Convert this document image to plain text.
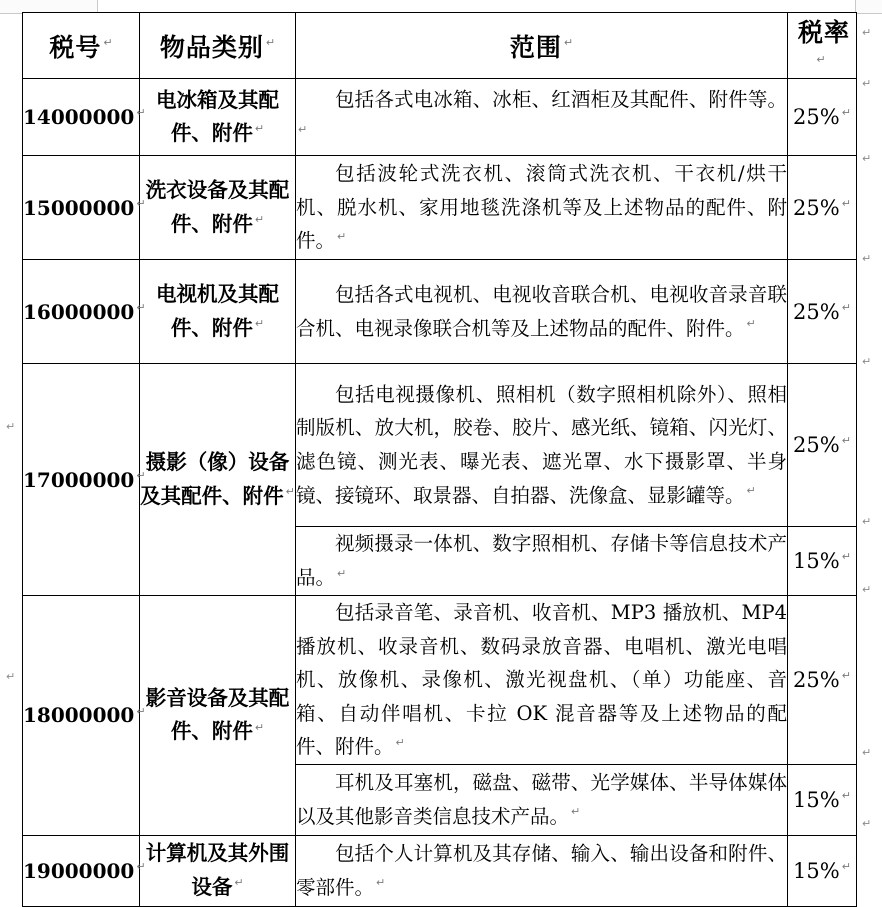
税号 ↵	物品类别 ↵	范围 ↵	税率↵
14000000 ↵	电冰箱及其配件、附件 ↵	包括各式电冰箱、冰柜、红酒柜及其配件、附件等。↵	25% ↵
15000000 ↵	洗衣设备及其配件、附件 ↵	包括波轮式洗衣机、滚筒式洗衣机、干衣机/烘干机、脱水机、家用地毯洗涤机等及上述物品的配件、附件。 ↵	25% ↵
16000000 ↵	电视机及其配件、附件 ↵	包括各式电视机、电视收音联合机、电视收音录音联合机、电视录像联合机等及上述物品的配件、附件。 ↵	25% ↵
17000000 ↵	摄影（像）设备及其配件、附件 ↵	包括电视摄像机、照相机（数字照相机除外）、照相制版机、放大机，胶卷、胶片、感光纸、镜箱、闪光灯、滤色镜、测光表、曝光表、遮光罩、水下摄影罩、半身镜、接镜环、取景器、自拍器、洗像盒、显影罐等。 ↵	25% ↵
		视频摄录一体机、数字照相机、存储卡等信息技术产品。 ↵	15% ↵
18000000 ↵	影音设备及其配件、附件 ↵	包括录音笔、录音机、收音机、MP3 播放机、MP4 播放机、收录音机、数码录放音器、电唱机、激光电唱机、放像机、录像机、激光视盘机、（单）功能座、音箱、自动伴唱机、卡拉 OK 混音器等及上述物品的配件、附件。 ↵	25% ↵
		耳机及耳塞机，磁盘、磁带、光学媒体、半导体媒体以及其他影音类信息技术产品。 ↵	15% ↵
19000000 ↵	计算机及其外围设备 ↵	包括个人计算机及其存储、输入、输出设备和附件、零部件。 ↵	15% ↵
↵
↵
↵
↵
↵
↵
↵
↵
↵
↵
↵
